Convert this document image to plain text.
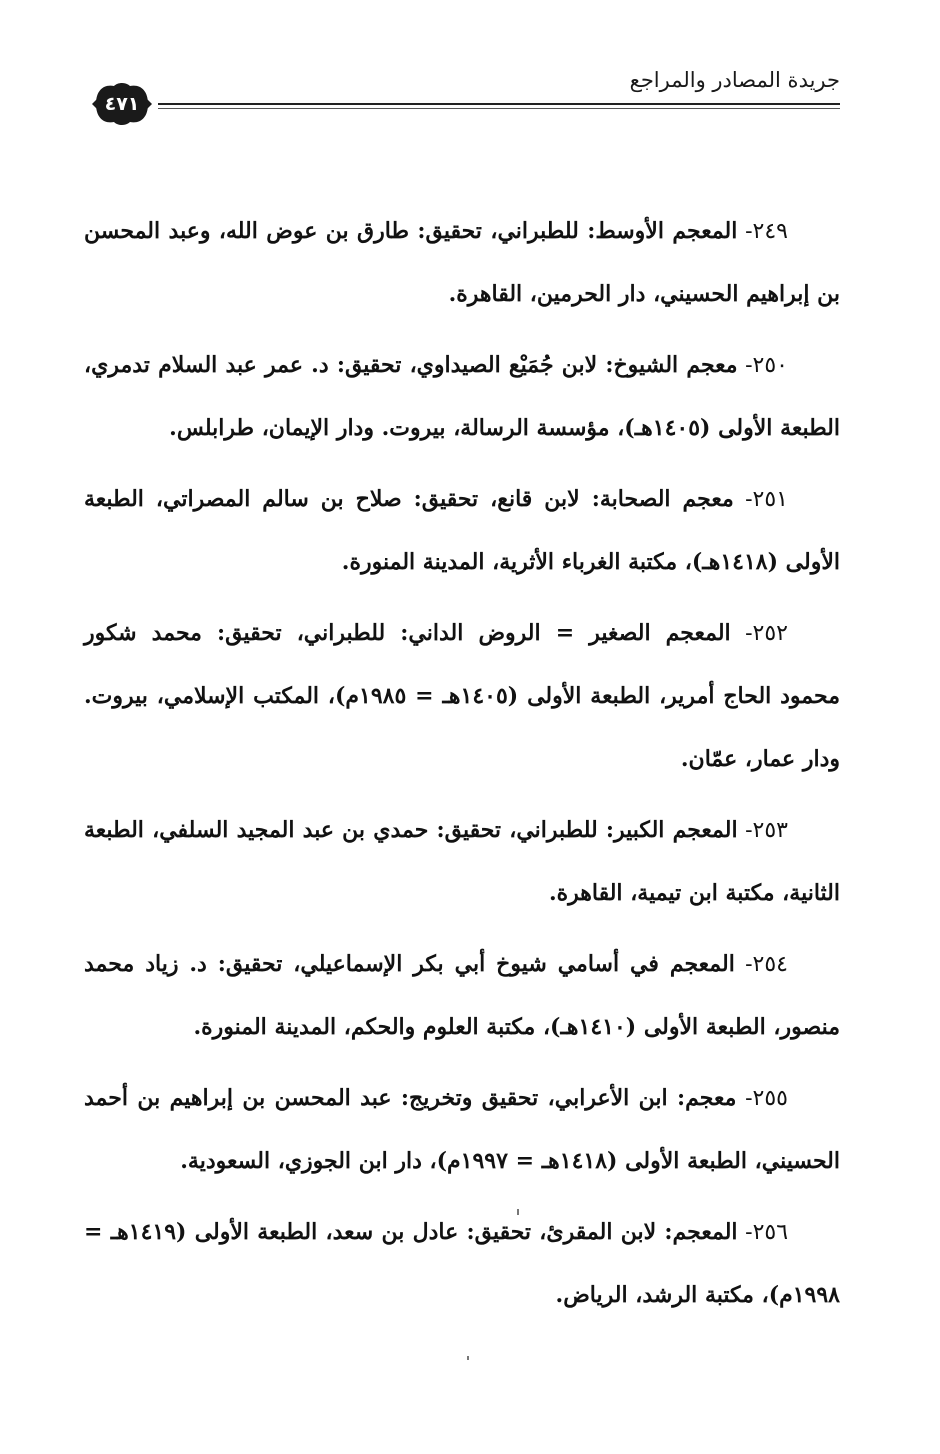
جريدة المصادر والمراجع
٤٧١

٢٤٩- المعجم الأوسط: للطبراني، تحقيق: طارق بن عوض الله، وعبد المحسن بن إبراهيم الحسيني، دار الحرمين، القاهرة.

٢٥٠- معجم الشيوخ: لابن جُمَيْع الصيداوي، تحقيق: د. عمر عبد السلام تدمري، الطبعة الأولى (١٤٠٥هـ)، مؤسسة الرسالة، بيروت. ودار الإيمان، طرابلس.

٢٥١- معجم الصحابة: لابن قانع، تحقيق: صلاح بن سالم المصراتي، الطبعة الأولى (١٤١٨هـ)، مكتبة الغرباء الأثرية، المدينة المنورة.

٢٥٢- المعجم الصغير = الروض الداني: للطبراني، تحقيق: محمد شكور محمود الحاج أمرير، الطبعة الأولى (١٤٠٥هـ = ١٩٨٥م)، المكتب الإسلامي، بيروت. ودار عمار، عمّان.

٢٥٣- المعجم الكبير: للطبراني، تحقيق: حمدي بن عبد المجيد السلفي، الطبعة الثانية، مكتبة ابن تيمية، القاهرة.

٢٥٤- المعجم في أسامي شيوخ أبي بكر الإسماعيلي، تحقيق: د. زياد محمد منصور، الطبعة الأولى (١٤١٠هـ)، مكتبة العلوم والحكم، المدينة المنورة.

٢٥٥- معجم: ابن الأعرابي، تحقيق وتخريج: عبد المحسن بن إبراهيم بن أحمد الحسيني، الطبعة الأولى (١٤١٨هـ = ١٩٩٧م)، دار ابن الجوزي، السعودية.

٢٥٦- المعجم: لابن المقرئ، تحقيق: عادل بن سعد، الطبعة الأولى (١٤١٩هـ = ١٩٩٨م)، مكتبة الرشد، الرياض.
